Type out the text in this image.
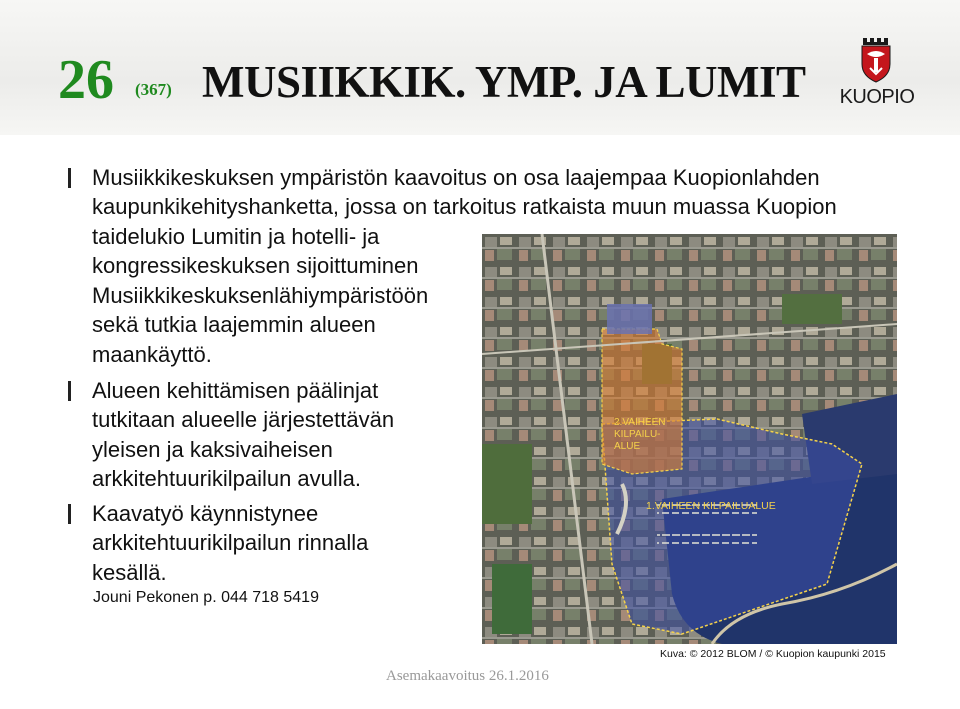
26 (367) MUSIIKKIK. YMP. JA LUMIT KUOPIO
Musiikkikeskuksen ympäristön kaavoitus on osa laajempaa Kuopionlahden
kaupunkikehityshanketta, jossa on tarkoitus ratkaista muun muassa Kuopion
taidelukio Lumitin ja hotelli- ja
kongressikeskuksen sijoittuminen
Musiikkikeskuksenlähiympäristöön
sekä tutkia laajemmin alueen
maankäyttö.
Alueen kehittämisen päälinjat
tutkitaan alueelle järjestettävän
yleisen ja kaksivaiheisen
arkkitehtuurikilpailun avulla.
Kaavatyö käynnistynee
arkkitehtuurikilpailun rinnalla
kesällä.
Jouni Pekonen p. 044 718 5419
2.VAIHEEN
KILPAILU-
ALUE
1.VAIHEEN KILPAILUALUE
Kuva: © 2012 BLOM / © Kuopion kaupunki 2015
Asemakaavoitus 26.1.2016
